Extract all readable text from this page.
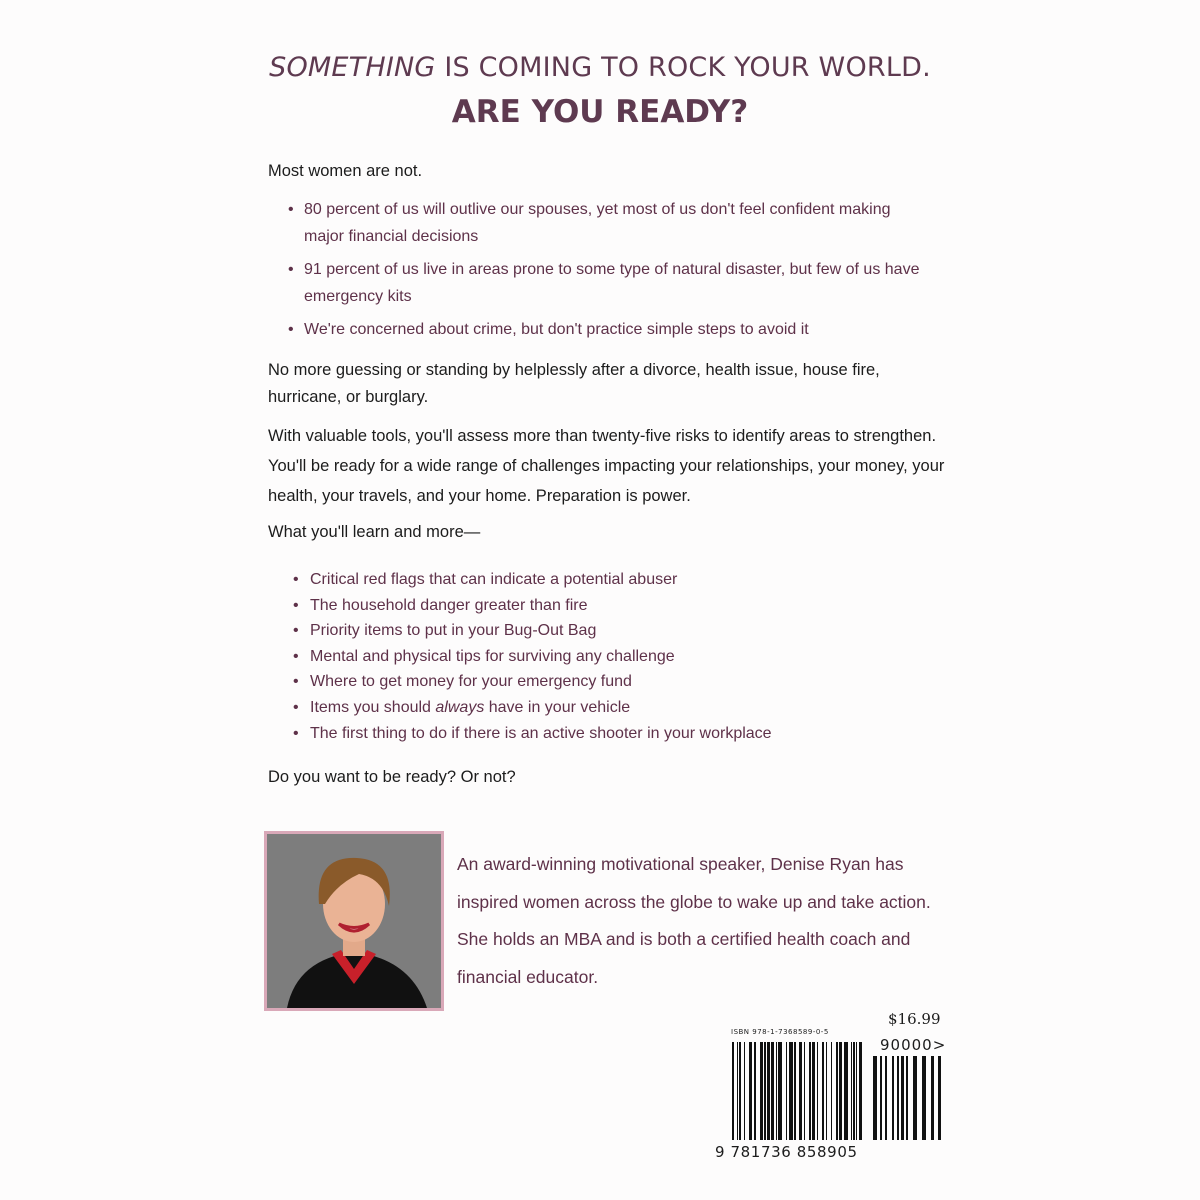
SOMETHING IS COMING TO ROCK YOUR WORLD.
ARE YOU READY?
Most women are not.
• 80 percent of us will outlive our spouses, yet most of us don't feel confident making major financial decisions
• 91 percent of us live in areas prone to some type of natural disaster, but few of us have emergency kits
• We're concerned about crime, but don't practice simple steps to avoid it
No more guessing or standing by helplessly after a divorce, health issue, house fire, hurricane, or burglary.
With valuable tools, you'll assess more than twenty-five risks to identify areas to strengthen. You'll be ready for a wide range of challenges impacting your relationships, your money, your health, your travels, and your home. Preparation is power.
What you'll learn and more—
• Critical red flags that can indicate a potential abuser
• The household danger greater than fire
• Priority items to put in your Bug-Out Bag
• Mental and physical tips for surviving any challenge
• Where to get money for your emergency fund
• Items you should always have in your vehicle
• The first thing to do if there is an active shooter in your workplace
Do you want to be ready? Or not?
An award-winning motivational speaker, Denise Ryan has inspired women across the globe to wake up and take action. She holds an MBA and is both a certified health coach and financial educator.
$16.99
ISBN 978-1-7368589-0-5
90000>
9 781736 858905
